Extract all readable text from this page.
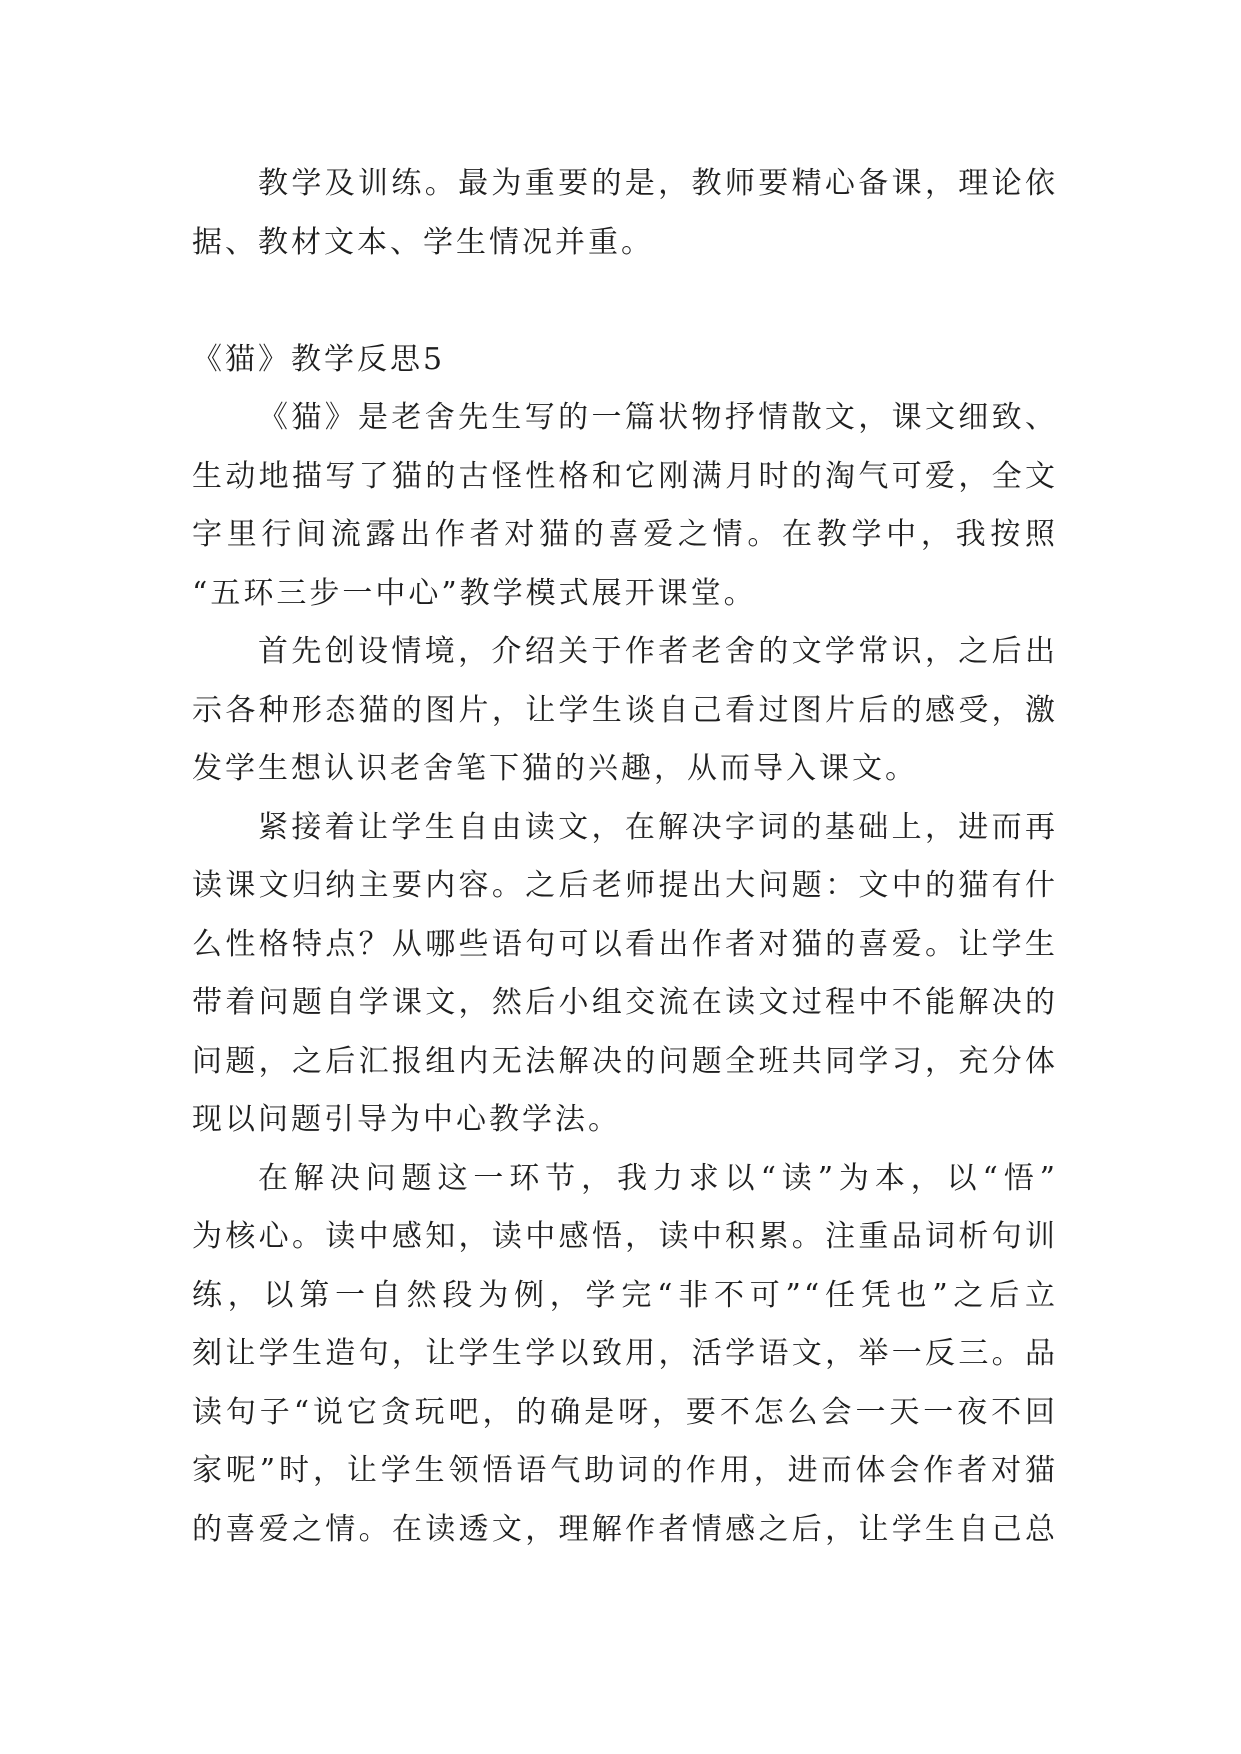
教学及训练。最为重要的是，教师要精心备课，理论依
据、教材文本、学生情况并重。
《猫》教学反思5
《猫》是老舍先生写的一篇状物抒情散文，课文细致、
生动地描写了猫的古怪性格和它刚满月时的淘气可爱，全文
字里行间流露出作者对猫的喜爱之情。在教学中，我按照
“五环三步一中心”教学模式展开课堂。
首先创设情境，介绍关于作者老舍的文学常识，之后出
示各种形态猫的图片，让学生谈自己看过图片后的感受，激
发学生想认识老舍笔下猫的兴趣，从而导入课文。
紧接着让学生自由读文，在解决字词的基础上，进而再
读课文归纳主要内容。之后老师提出大问题：文中的猫有什
么性格特点？从哪些语句可以看出作者对猫的喜爱。让学生
带着问题自学课文，然后小组交流在读文过程中不能解决的
问题，之后汇报组内无法解决的问题全班共同学习，充分体
现以问题引导为中心教学法。
在解决问题这一环节，我力求以“读”为本，以“悟”
为核心。读中感知，读中感悟，读中积累。注重品词析句训
练，以第一自然段为例，学完“非不可”“任凭也”之后立
刻让学生造句，让学生学以致用，活学语文，举一反三。品
读句子“说它贪玩吧，的确是呀，要不怎么会一天一夜不回
家呢”时，让学生领悟语气助词的作用，进而体会作者对猫
的喜爱之情。在读透文，理解作者情感之后，让学生自己总
